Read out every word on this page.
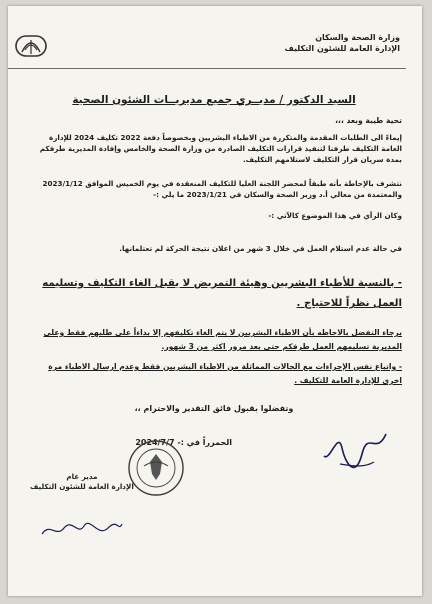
وزارة الصحة والسكان
الإدارة العامة للشئون التكليف
السيد الدكتور / مديــري جميع مديريــات الشئون الصحية
تحية طيبة وبعد ،،،
إيماءً الى الطلبات المقدمة والمتكررة من الاطباء البشريين وبخصوصاً دفعة 2022 تكليف 2024 للإدارة العامة التكليف طرفنا لتنفيذ قرارات التكليف الصادرة من وزارة الصحة والخامس وإفادة المديرية طرفكم بمدة سريان قرار التكليف لاستلامهم التكليف.
نتشرف بالإحاطة بأنه طبقاً لمحضر اللجنة العليا للتكليف المنعقدة في يوم الخميس الموافق 2023/1/12 والمعتمدة من معالي أ.د وزير الصحة والسكان في 2023/1/21 ما يلي :-
وكان الرأي في هذا الموضوع كالآتي :-
في حالة عدم استلام العمل في خلال 3 شهر من اعلان نتيجة الحركة لم تعتلمانها.
- بالنسبة للأطباء البشريين وهيئة التمريض لا يقبل الغاء التكليف وتسليمه العمل نظراً للاحتياج .
برجاء التفضل بالاحاطه بأن الاطباء البشريين لا يتم الغاء تكليفهم إلا بداءاً على طلبهم فقط وعلى المديرية تسليمهم العمل طرفكم حتى بعد مرور اكثر من 3 شهور.
- واتباع نفس الإجراءات مع الحالات المماثلة من الاطباء البشريين فقط وعدم ارسال الاطباء مرة اخرى للإدارة العامة للتكليف .
وتفضلوا بقبول فائق التقدير والاحترام ،،
الحمرراً في :- 2024/7/7
مدير عام
الإدارة العامة للشئون التكليف
